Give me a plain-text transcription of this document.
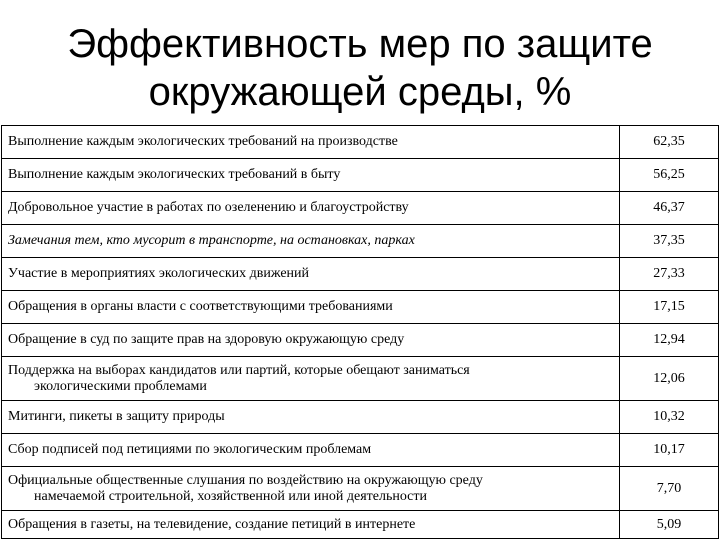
Эффективность мер по защите
окружающей среды, %
Выполнение каждым экологических требований на производстве	62,35
Выполнение каждым экологических требований в быту	56,25
Добровольное участие в работах по озеленению и благоустройству	46,37
Замечания тем, кто мусорит в транспорте, на остановках, парках	37,35
Участие в мероприятиях экологических движений	27,33
Обращения в органы власти с соответствующими требованиями	17,15
Обращение в суд по защите прав на здоровую окружающую среду	12,94

Поддержка на выборах кандидатов или партий, которые обещают заниматься
экологическими проблемами	12,06
Митинги, пикеты в защиту природы	10,32
Сбор подписей под петициями по экологическим проблемам	10,17

Официальные общественные слушания по воздействию на окружающую среду
намечаемой строительной, хозяйственной или иной деятельности	7,70
Обращения в газеты, на телевидение, создание петиций в интернете	5,09
